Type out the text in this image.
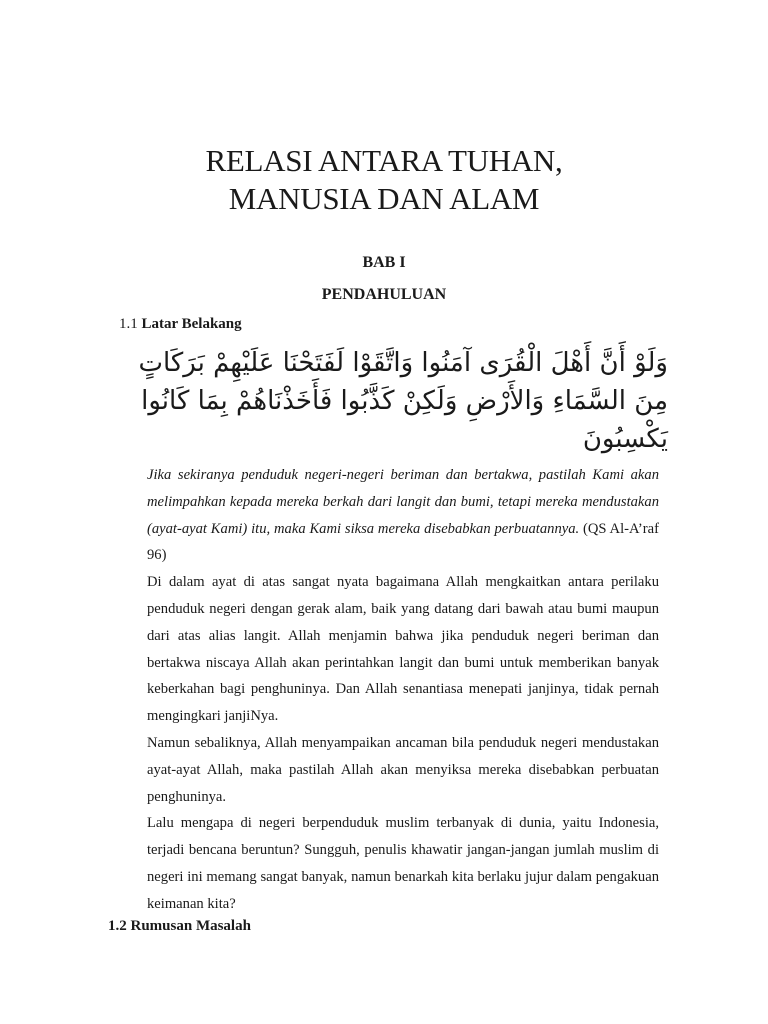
RELASI ANTARA TUHAN,
MANUSIA DAN ALAM
BAB I
PENDAHULUAN
1.1 Latar Belakang
وَلَوْ أَنَّ أَهْلَ الْقُرَى آمَنُوا وَاتَّقَوْا لَفَتَحْنَا عَلَيْهِمْ بَرَكَاتٍ
مِنَ السَّمَاءِ وَالأَرْضِ وَلَكِنْ كَذَّبُوا فَأَخَذْنَاهُمْ بِمَا كَانُوا
يَكْسِبُونَ

Jika sekiranya penduduk negeri-negeri beriman dan bertakwa, pastilah Kami akan melimpahkan kepada mereka berkah dari langit dan bumi, tetapi mereka mendustakan (ayat-ayat Kami) itu, maka Kami siksa mereka disebabkan perbuatannya. (QS Al-A’raf 96)

Di dalam ayat di atas sangat nyata bagaimana Allah mengkaitkan antara perilaku penduduk negeri dengan gerak alam, baik yang datang dari bawah atau bumi maupun dari atas alias langit. Allah menjamin bahwa jika penduduk negeri beriman dan bertakwa niscaya Allah akan perintahkan langit dan bumi untuk memberikan banyak keberkahan bagi penghuninya. Dan Allah senantiasa menepati janjinya, tidak pernah mengingkari janjiNya.

Namun sebaliknya, Allah menyampaikan ancaman bila penduduk negeri mendustakan ayat-ayat Allah, maka pastilah Allah akan menyiksa mereka disebabkan perbuatan penghuninya.

Lalu mengapa di negeri berpenduduk muslim terbanyak di dunia, yaitu Indonesia, terjadi bencana beruntun? Sungguh, penulis khawatir jangan-jangan jumlah muslim di negeri ini memang sangat banyak, namun benarkah kita berlaku jujur dalam pengakuan keimanan kita?

1.2 Rumusan Masalah
